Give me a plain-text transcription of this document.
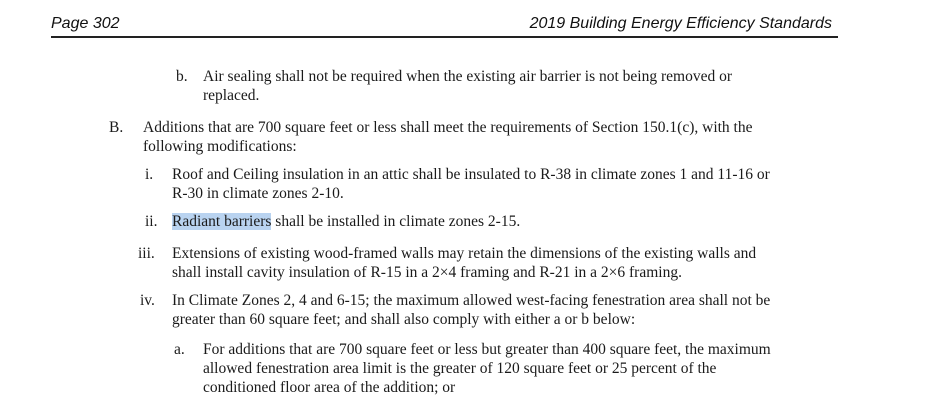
Page 302	2019 Building Energy Efficiency Standards
b. Air sealing shall not be required when the existing air barrier is not being removed or
replaced.
B. Additions that are 700 square feet or less shall meet the requirements of Section 150.1(c), with the
following modifications:
i. Roof and Ceiling insulation in an attic shall be insulated to R-38 in climate zones 1 and 11-16 or
R-30 in climate zones 2-10.
ii. Radiant barriers shall be installed in climate zones 2-15.
iii. Extensions of existing wood-framed walls may retain the dimensions of the existing walls and
shall install cavity insulation of R-15 in a 2×4 framing and R-21 in a 2×6 framing.
iv. In Climate Zones 2, 4 and 6-15; the maximum allowed west-facing fenestration area shall not be
greater than 60 square feet; and shall also comply with either a or b below:
a. For additions that are 700 square feet or less but greater than 400 square feet, the maximum
allowed fenestration area limit is the greater of 120 square feet or 25 percent of the
conditioned floor area of the addition; or
